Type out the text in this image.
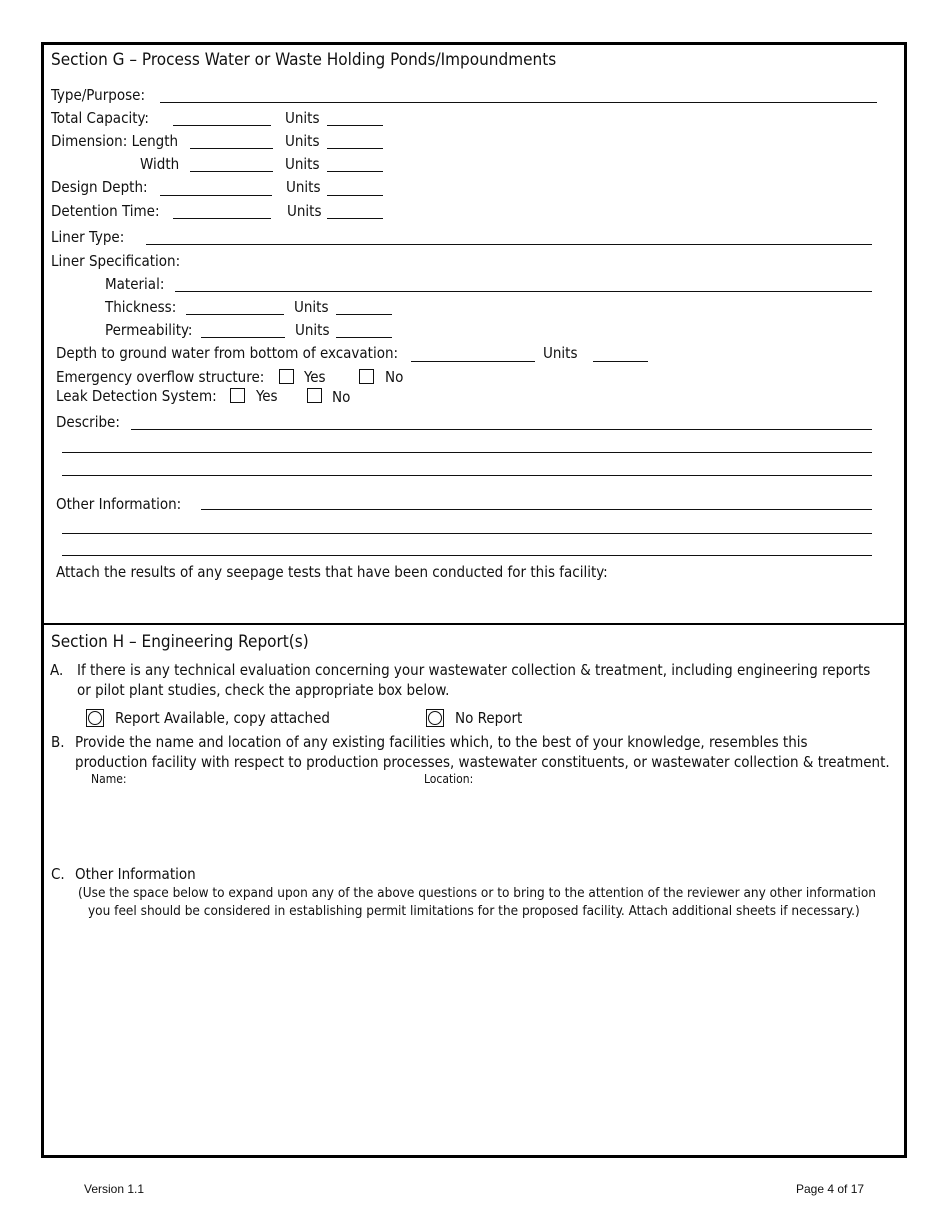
Section G – Process Water or Waste Holding Ponds/Impoundments
Type/Purpose:
Total Capacity:	Units
Dimension: Length	Units
Width	Units
Design Depth:	Units
Detention Time:	Units
Liner Type:
Liner Specification:
Material:
Thickness:	Units
Permeability:	Units
Depth to ground water from bottom of excavation:	Units
Emergency overflow structure:	Yes	No
Leak Detection System:	Yes	No
Describe:
Other Information:
Attach the results of any seepage tests that have been conducted for this facility:
Section H – Engineering Report(s)
A. If there is any technical evaluation concerning your wastewater collection & treatment, including engineering reports
or pilot plant studies, check the appropriate box below.
Report Available, copy attached	No Report
B. Provide the name and location of any existing facilities which, to the best of your knowledge, resembles this
production facility with respect to production processes, wastewater constituents, or wastewater collection & treatment.
Name:	Location:
C. Other Information
(Use the space below to expand upon any of the above questions or to bring to the attention of the reviewer any other information
you feel should be considered in establishing permit limitations for the proposed facility. Attach additional sheets if necessary.)
Version 1.1	Page 4 of 17
